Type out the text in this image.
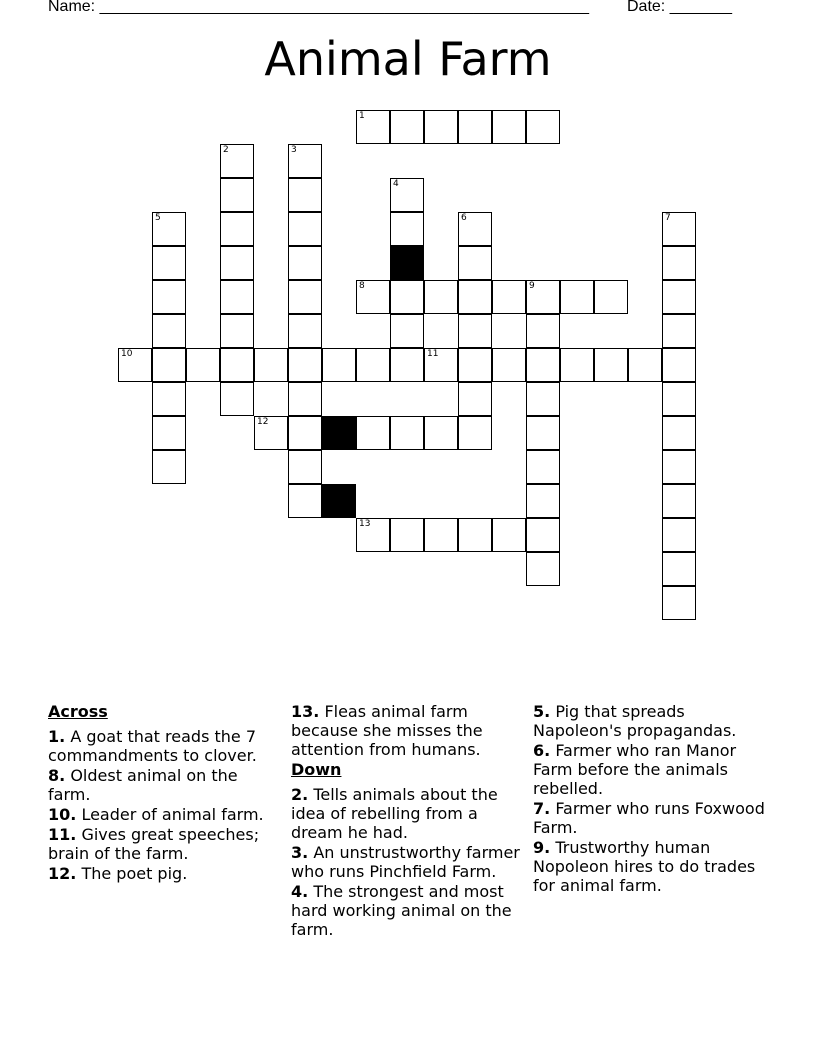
Name: _______________________________________________________ Date: _______
Animal Farm
1
2	3
4
5	6	7
8	9
10	11
12
13
Across
1. A goat that reads the 7 commandments to clover.
8. Oldest animal on the farm.
10. Leader of animal farm.
11. Gives great speeches; brain of the farm.
12. The poet pig.
13. Fleas animal farm because she misses the attention from humans.
Down
2. Tells animals about the idea of rebelling from a dream he had.
3. An unstrustworthy farmer who runs Pinchfield Farm.
4. The strongest and most hard working animal on the farm.
5. Pig that spreads Napoleon's propagandas.
6. Farmer who ran Manor Farm before the animals rebelled.
7. Farmer who runs Foxwood Farm.
9. Trustworthy human Nopoleon hires to do trades for animal farm.
